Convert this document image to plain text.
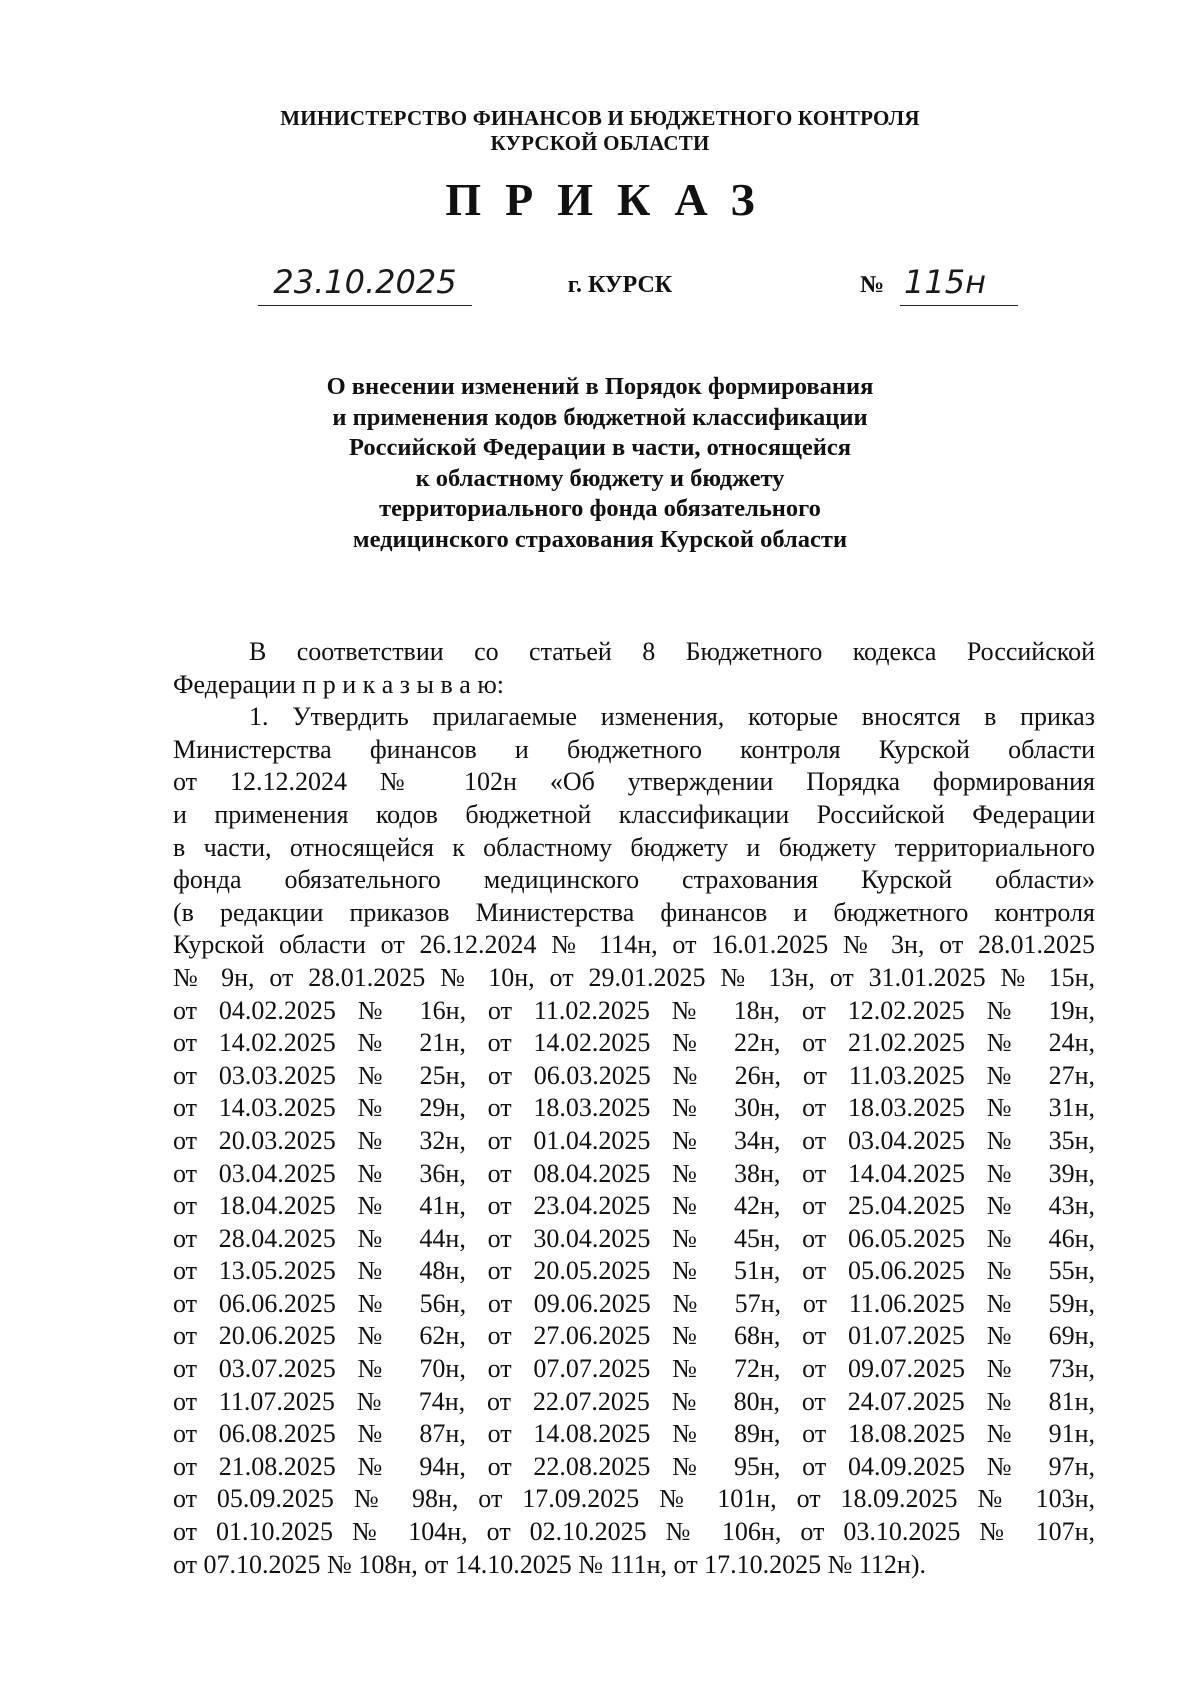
МИНИСТЕРСТВО ФИНАНСОВ И БЮДЖЕТНОГО КОНТРОЛЯ
КУРСКОЙ ОБЛАСТИ
ПРИКАЗ
23.10.2025	г. КУРСК	№ 115н
О внесении изменений в Порядок формирования
и применения кодов бюджетной классификации
Российской Федерации в части, относящейся
к областному бюджету и бюджету
территориального фонда обязательного
медицинского страхования Курской области
В соответствии со статьей 8 Бюджетного кодекса Российской
Федерации п р и к а з ы в а ю:
1. Утвердить прилагаемые изменения, которые вносятся в приказ
Министерства финансов и бюджетного контроля Курской области
от 12.12.2024 № 102н «Об утверждении Порядка формирования
и применения кодов бюджетной классификации Российской Федерации
в части, относящейся к областному бюджету и бюджету территориального
фонда обязательного медицинского страхования Курской области»
(в редакции приказов Министерства финансов и бюджетного контроля
Курской области от 26.12.2024 № 114н, от 16.01.2025 № 3н, от 28.01.2025
№ 9н, от 28.01.2025 № 10н, от 29.01.2025 № 13н, от 31.01.2025 № 15н,
от 04.02.2025 № 16н, от 11.02.2025 № 18н, от 12.02.2025 № 19н,
от 14.02.2025 № 21н, от 14.02.2025 № 22н, от 21.02.2025 № 24н,
от 03.03.2025 № 25н, от 06.03.2025 № 26н, от 11.03.2025 № 27н,
от 14.03.2025 № 29н, от 18.03.2025 № 30н, от 18.03.2025 № 31н,
от 20.03.2025 № 32н, от 01.04.2025 № 34н, от 03.04.2025 № 35н,
от 03.04.2025 № 36н, от 08.04.2025 № 38н, от 14.04.2025 № 39н,
от 18.04.2025 № 41н, от 23.04.2025 № 42н, от 25.04.2025 № 43н,
от 28.04.2025 № 44н, от 30.04.2025 № 45н, от 06.05.2025 № 46н,
от 13.05.2025 № 48н, от 20.05.2025 № 51н, от 05.06.2025 № 55н,
от 06.06.2025 № 56н, от 09.06.2025 № 57н, от 11.06.2025 № 59н,
от 20.06.2025 № 62н, от 27.06.2025 № 68н, от 01.07.2025 № 69н,
от 03.07.2025 № 70н, от 07.07.2025 № 72н, от 09.07.2025 № 73н,
от 11.07.2025 № 74н, от 22.07.2025 № 80н, от 24.07.2025 № 81н,
от 06.08.2025 № 87н, от 14.08.2025 № 89н, от 18.08.2025 № 91н,
от 21.08.2025 № 94н, от 22.08.2025 № 95н, от 04.09.2025 № 97н,
от 05.09.2025 № 98н, от 17.09.2025 № 101н, от 18.09.2025 № 103н,
от 01.10.2025 № 104н, от 02.10.2025 № 106н, от 03.10.2025 № 107н,
от 07.10.2025 № 108н, от 14.10.2025 № 111н, от 17.10.2025 № 112н).
